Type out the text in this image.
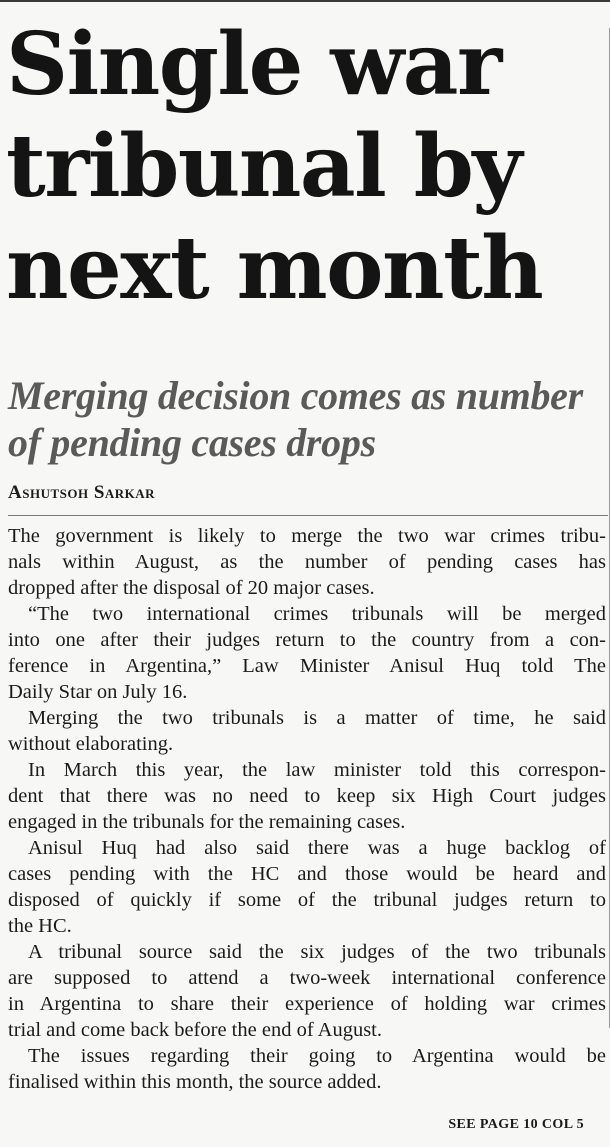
Single war
tribunal by
next month
Merging decision comes as number
of pending cases drops

Ashutsoh Sarkar

The government is likely to merge the two war crimes tribu-
nals within August, as the number of pending cases has
dropped after the disposal of 20 major cases.
“The two international crimes tribunals will be merged
into one after their judges return to the country from a con-
ference in Argentina,” Law Minister Anisul Huq told The
Daily Star on July 16.
Merging the two tribunals is a matter of time, he said
without elaborating.
In March this year, the law minister told this correspon-
dent that there was no need to keep six High Court judges
engaged in the tribunals for the remaining cases.
Anisul Huq had also said there was a huge backlog of
cases pending with the HC and those would be heard and
disposed of quickly if some of the tribunal judges return to
the HC.
A tribunal source said the six judges of the two tribunals
are supposed to attend a two-week international conference
in Argentina to share their experience of holding war crimes
trial and come back before the end of August.
The issues regarding their going to Argentina would be
finalised within this month, the source added.

SEE PAGE 10 COL 5
